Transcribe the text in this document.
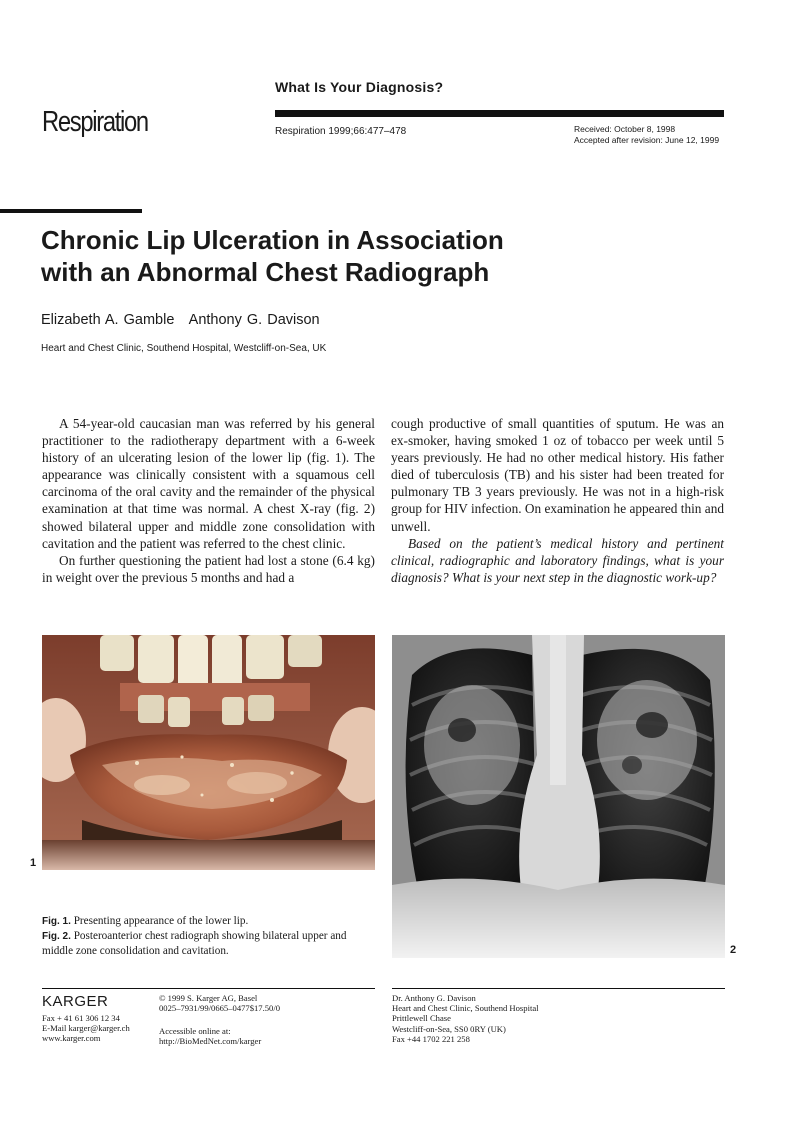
What Is Your Diagnosis?
Respiration	Respiration 1999;66:477–478	Received: October 8, 1998
Accepted after revision: June 12, 1999
Chronic Lip Ulceration in Association
with an Abnormal Chest Radiograph
Elizabeth A. Gamble   Anthony G. Davison
Heart and Chest Clinic, Southend Hospital, Westcliff-on-Sea, UK

A 54-year-old caucasian man was referred by his general practitioner to the radiotherapy department with a 6-week history of an ulcerating lesion of the lower lip (fig. 1). The appearance was clinically consistent with a squamous cell carcinoma of the oral cavity and the remainder of the physical examination at that time was normal. A chest X-ray (fig. 2) showed bilateral upper and middle zone consolidation with cavitation and the patient was referred to the chest clinic.

On further questioning the patient had lost a stone (6.4 kg) in weight over the previous 5 months and had a

cough productive of small quantities of sputum. He was an ex-smoker, having smoked 1 oz of tobacco per week until 5 years previously. He had no other medical history. His father died of tuberculosis (TB) and his sister had been treated for pulmonary TB 3 years previously. He was not in a high-risk group for HIV infection. On examination he appeared thin and unwell.

Based on the patient’s medical history and pertinent clinical, radiographic and laboratory findings, what is your diagnosis? What is your next step in the diagnostic work-up?

1
2
Fig. 1. Presenting appearance of the lower lip.
Fig. 2. Posteroanterior chest radiograph showing bilateral upper and middle zone consolidation and cavitation.
KARGER
Fax + 41 61 306 12 34
E-Mail karger@karger.ch
www.karger.com
© 1999 S. Karger AG, Basel
0025–7931/99/0665–0477$17.50/0
Accessible online at:
http://BioMedNet.com/karger
Dr. Anthony G. Davison
Heart and Chest Clinic, Southend Hospital
Prittlewell Chase
Westcliff-on-Sea, SS0 0RY (UK)
Fax +44 1702 221 258
